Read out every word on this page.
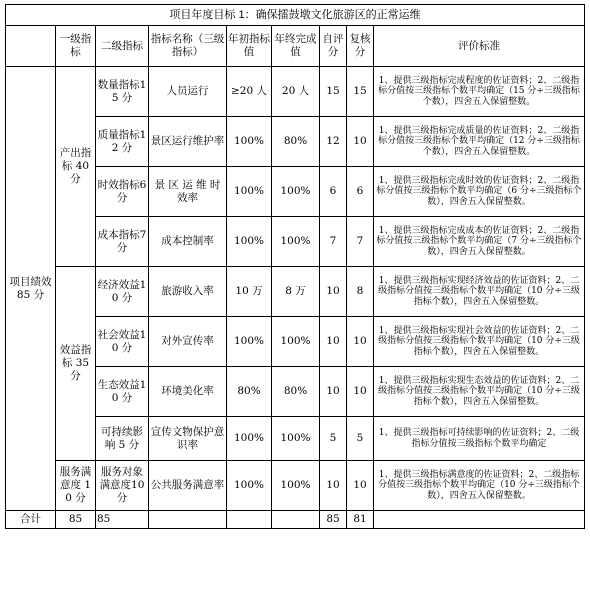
项目年度目标 1：确保擂鼓墩文化旅游区的正常运维								
	一级指标	二级指标	指标名称（三级指标）	年初指标值	年终完成值	自评分	复核分	评价标准
项目绩效85 分	产出指标 40 分	数量指标15 分	人员运行	≥20 人	20 人	15	15	1、提供三级指标完成程度的佐证资料；2、二级指标分值按三级指标个数平均确定（15 分÷三级指标个数），四舍五入保留整数。
		质量指标12 分	景区运行维护率	100%	80%	12	10	1、提供三级指标完成质量的佐证资料；2、二级指标分值按三级指标个数平均确定（12 分÷三级指标个数），四舍五入保留整数。
		时效指标6 分	景 区 运 维 时效率	100%	100%	6	6	1、提供三级指标完成时效的佐证资料；2、二级指标分值按三级指标个数平均确定（6 分÷三级指标个数），四舍五入保留整数。
		成本指标7 分	成本控制率	100%	100%	7	7	1、提供三级指标完成成本的佐证资料；2、二级指标分值按三级指标个数平均确定（7 分÷三级指标个数），四舍五入保留整数。
	效益指标 35 分	经济效益10 分	旅游收入率	10 万	8 万	10	8	1、提供三级指标实现经济效益的佐证资料；2、二级指标分值按三级指标个数平均确定（10 分÷三级指标个数），四舍五入保留整数。
		社会效益10 分	对外宣传率	100%	100%	10	10	1、提供三级指标实现社会效益的佐证资料；2、二级指标分值按三级指标个数平均确定（10 分÷三级指标个数），四舍五入保留整数。
		生态效益10 分	环境美化率	80%	80%	10	10	1、提供三级指标实现生态效益的佐证资料；2、二级指标分值按三级指标个数平均确定（10 分÷三级指标个数），四舍五入保留整数。
		可持续影响 5 分	宣传文物保护意识率	100%	100%	5	5	1、提供三级指标可持续影响的佐证资料；2、二级指标分值按三级指标个数平均确定
	服务满意度 10 分	服务对象满意度10 分	公共服务满意率	100%	100%	10	10	1、提供三级指标满意度的佐证资料；2、二级指标分值按三级指标个数平均确定（10 分÷三级指标个数），四舍五入保留整数。
合计	85	85				85	81	
